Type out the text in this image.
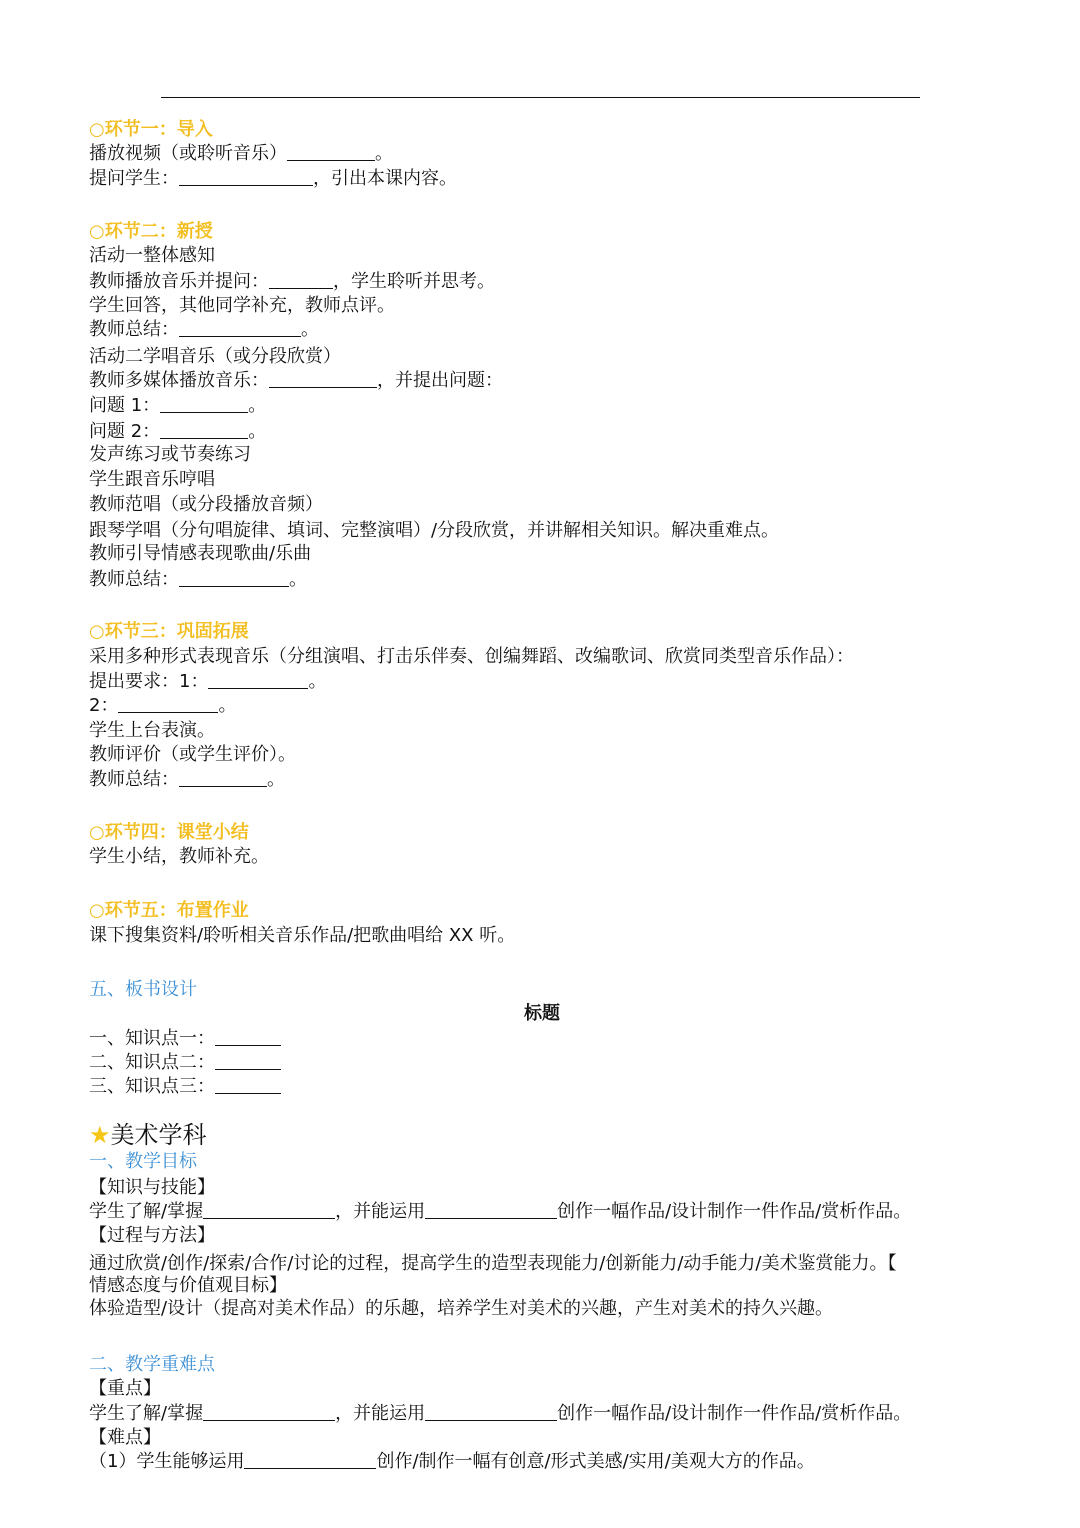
○环节一：导入
播放视频（或聆听音乐）	。
提问学生：	，引出本课内容。
○环节二：新授
活动一整体感知
教师播放音乐并提问：	，学生聆听并思考。
学生回答，其他同学补充，教师点评。
教师总结：	。
活动二学唱音乐（或分段欣赏）
教师多媒体播放音乐：	，并提出问题：
问题 1：	。
问题 2：	。
发声练习或节奏练习
学生跟音乐哼唱
教师范唱（或分段播放音频）
跟琴学唱（分句唱旋律、填词、完整演唱）/分段欣赏，并讲解相关知识。解决重难点。
教师引导情感表现歌曲/乐曲
教师总结：	。
○环节三：巩固拓展
采用多种形式表现音乐（分组演唱、打击乐伴奏、创编舞蹈、改编歌词、欣赏同类型音乐作品）：
提出要求：1：	。
2：	。
学生上台表演。
教师评价（或学生评价）。
教师总结：	。
○环节四：课堂小结
学生小结，教师补充。
○环节五：布置作业
课下搜集资料/聆听相关音乐作品/把歌曲唱给 XX 听。
五、板书设计
标题
一、知识点一：
二、知识点二：
三、知识点三：
★美术学科
一、教学目标
【知识与技能】
学生了解/掌握	，并能运用	创作一幅作品/设计制作一件作品/赏析作品。
【过程与方法】
通过欣赏/创作/探索/合作/讨论的过程，提高学生的造型表现能力/创新能力/动手能力/美术鉴赏能力。【
情感态度与价值观目标】
体验造型/设计（提高对美术作品）的乐趣，培养学生对美术的兴趣，产生对美术的持久兴趣。
二、教学重难点
【重点】
学生了解/掌握	，并能运用	创作一幅作品/设计制作一件作品/赏析作品。
【难点】
（1）学生能够运用	创作/制作一幅有创意/形式美感/实用/美观大方的作品。
